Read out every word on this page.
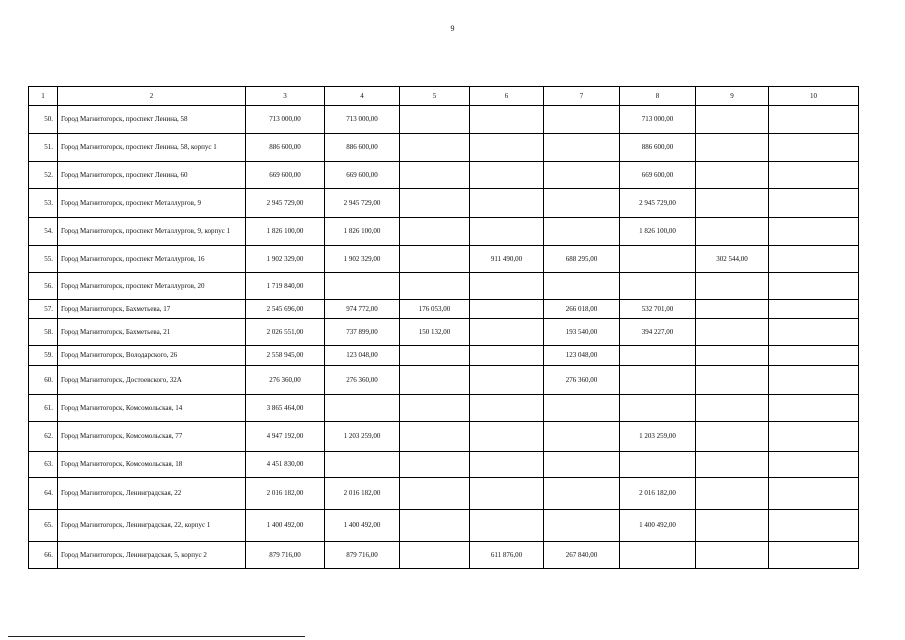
9
1	2	3	4	5	6	7	8	9	10
50.	Город Магнитогорск, проспект Ленина, 58	713 000,00	713 000,00				713 000,00		
51.	Город Магнитогорск, проспект Ленина, 58, корпус 1	886 600,00	886 600,00				886 600,00		
52.	Город Магнитогорск, проспект Ленина, 60	669 600,00	669 600,00				669 600,00		
53.	Город Магнитогорск, проспект Металлургов, 9	2 945 729,00	2 945 729,00				2 945 729,00		
54.	Город Магнитогорск, проспект Металлургов, 9, корпус 1	1 826 100,00	1 826 100,00				1 826 100,00		
55.	Город Магнитогорск, проспект Металлургов, 16	1 902 329,00	1 902 329,00		911 490,00	688 295,00		302 544,00	
56.	Город Магнитогорск, проспект Металлургов, 20	1 719 840,00							
57.	Город Магнитогорск, Бахметьева, 17	2 545 696,00	974 772,00	176 053,00		266 018,00	532 701,00		
58.	Город Магнитогорск, Бахметьева, 21	2 026 551,00	737 899,00	150 132,00		193 540,00	394 227,00		
59.	Город Магнитогорск, Володарского, 26	2 558 945,00	123 048,00			123 048,00			
60.	Город Магнитогорск, Достоевского, 32А	276 360,00	276 360,00			276 360,00			
61.	Город Магнитогорск, Комсомольская, 14	3 865 464,00							
62.	Город Магнитогорск, Комсомольская, 77	4 947 192,00	1 203 259,00				1 203 259,00		
63.	Город Магнитогорск, Комсомольская, 18	4 451 830,00							
64.	Город Магнитогорск, Ленинградская, 22	2 016 182,00	2 016 182,00				2 016 182,00		
65.	Город Магнитогорск, Ленинградская, 22, корпус 1	1 400 492,00	1 400 492,00				1 400 492,00		
66.	Город Магнитогорск, Ленинградская, 5, корпус 2	879 716,00	879 716,00		611 876,00	267 840,00			
